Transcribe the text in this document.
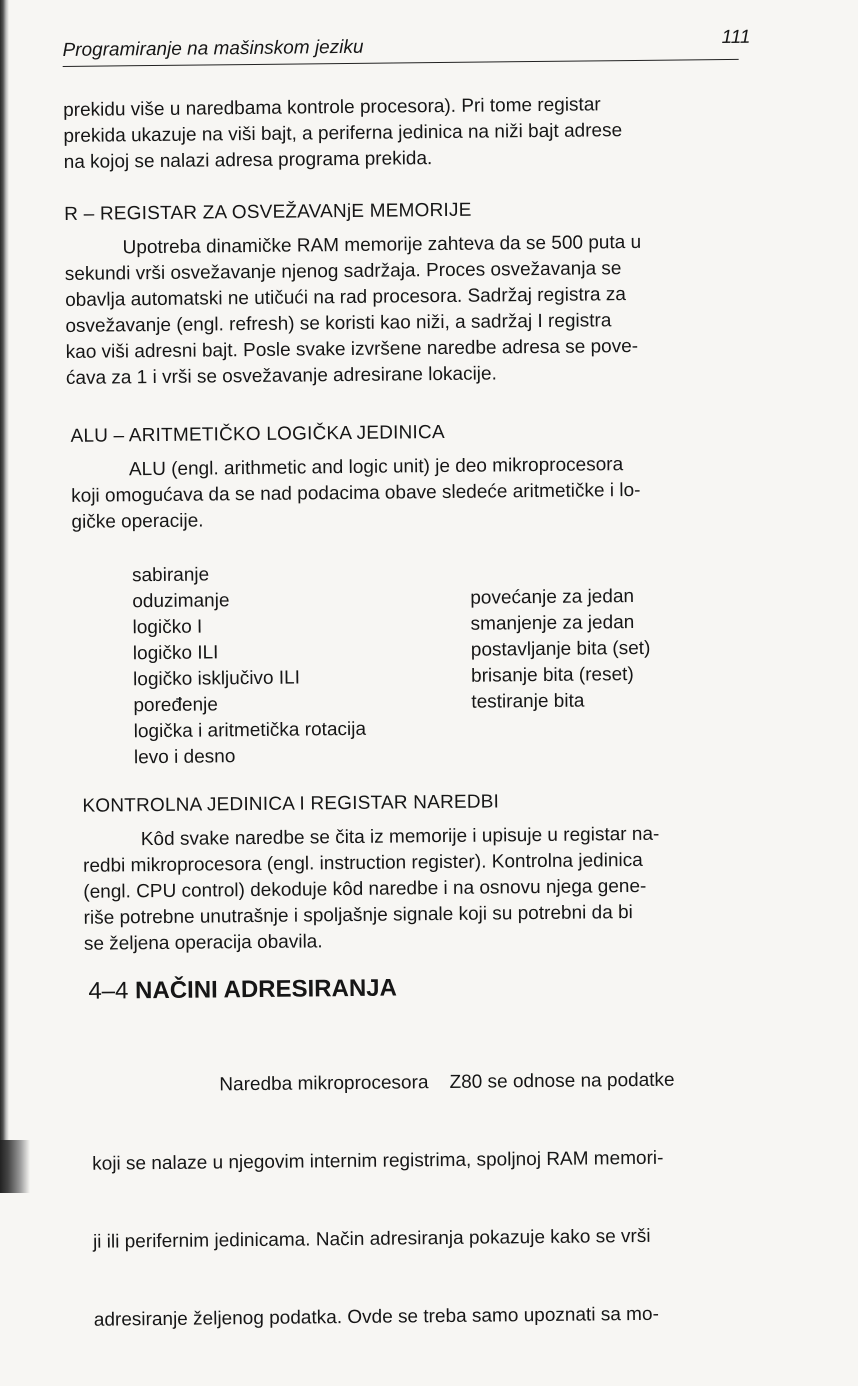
Programiranje na mašinskom jeziku	111

prekidu više u naredbama kontrole procesora). Pri tome registar

prekida ukazuje na viši bajt, a periferna jedinica na niži bajt adrese

na kojoj se nalazi adresa programa prekida.

R – REGISTAR ZA OSVEŽAVANjE MEMORIJE

Upotreba dinamičke RAM memorije zahteva da se 500 puta u

sekundi vrši osvežavanje njenog sadržaja. Proces osvežavanja se

obavlja automatski ne utičući na rad procesora. Sadržaj registra za

osvežavanje (engl. refresh) se koristi kao niži, a sadržaj I registra

kao viši adresni bajt. Posle svake izvršene naredbe adresa se pove-

ćava za 1 i vrši se osvežavanje adresirane lokacije.

ALU – ARITMETIČKO LOGIČKA JEDINICA

ALU (engl. arithmetic and logic unit) je deo mikroprocesora

koji omogućava da se nad podacima obave sledeće aritmetičke i lo-

gičke operacije.

sabiranje
oduzimanje
logičko I
logičko ILI
logičko isključivo ILI
poređenje
logička i aritmetička rotacija
levo i desno
povećanje za jedan
smanjenje za jedan
postavljanje bita (set)
brisanje bita (reset)
testiranje bita
KONTROLNA JEDINICA I REGISTAR NAREDBI

Kôd svake naredbe se čita iz memorije i upisuje u registar na-

redbi mikroprocesora (engl. instruction register). Kontrolna jedinica

(engl. CPU control) dekoduje kôd naredbe i na osnovu njega gene-

riše potrebne unutrašnje i spoljašnje signale koji su potrebni da bi

se željena operacija obavila.

4–4 NAČINI ADRESIRANJA

Naredba mikroprocesora    Z80 se odnose na podatke

koji se nalaze u njegovim internim registrima, spoljnoj RAM memori-

ji ili perifernim jedinicama. Način adresiranja pokazuje kako se vrši

adresiranje željenog podatka. Ovde se treba samo upoznati sa mo-
